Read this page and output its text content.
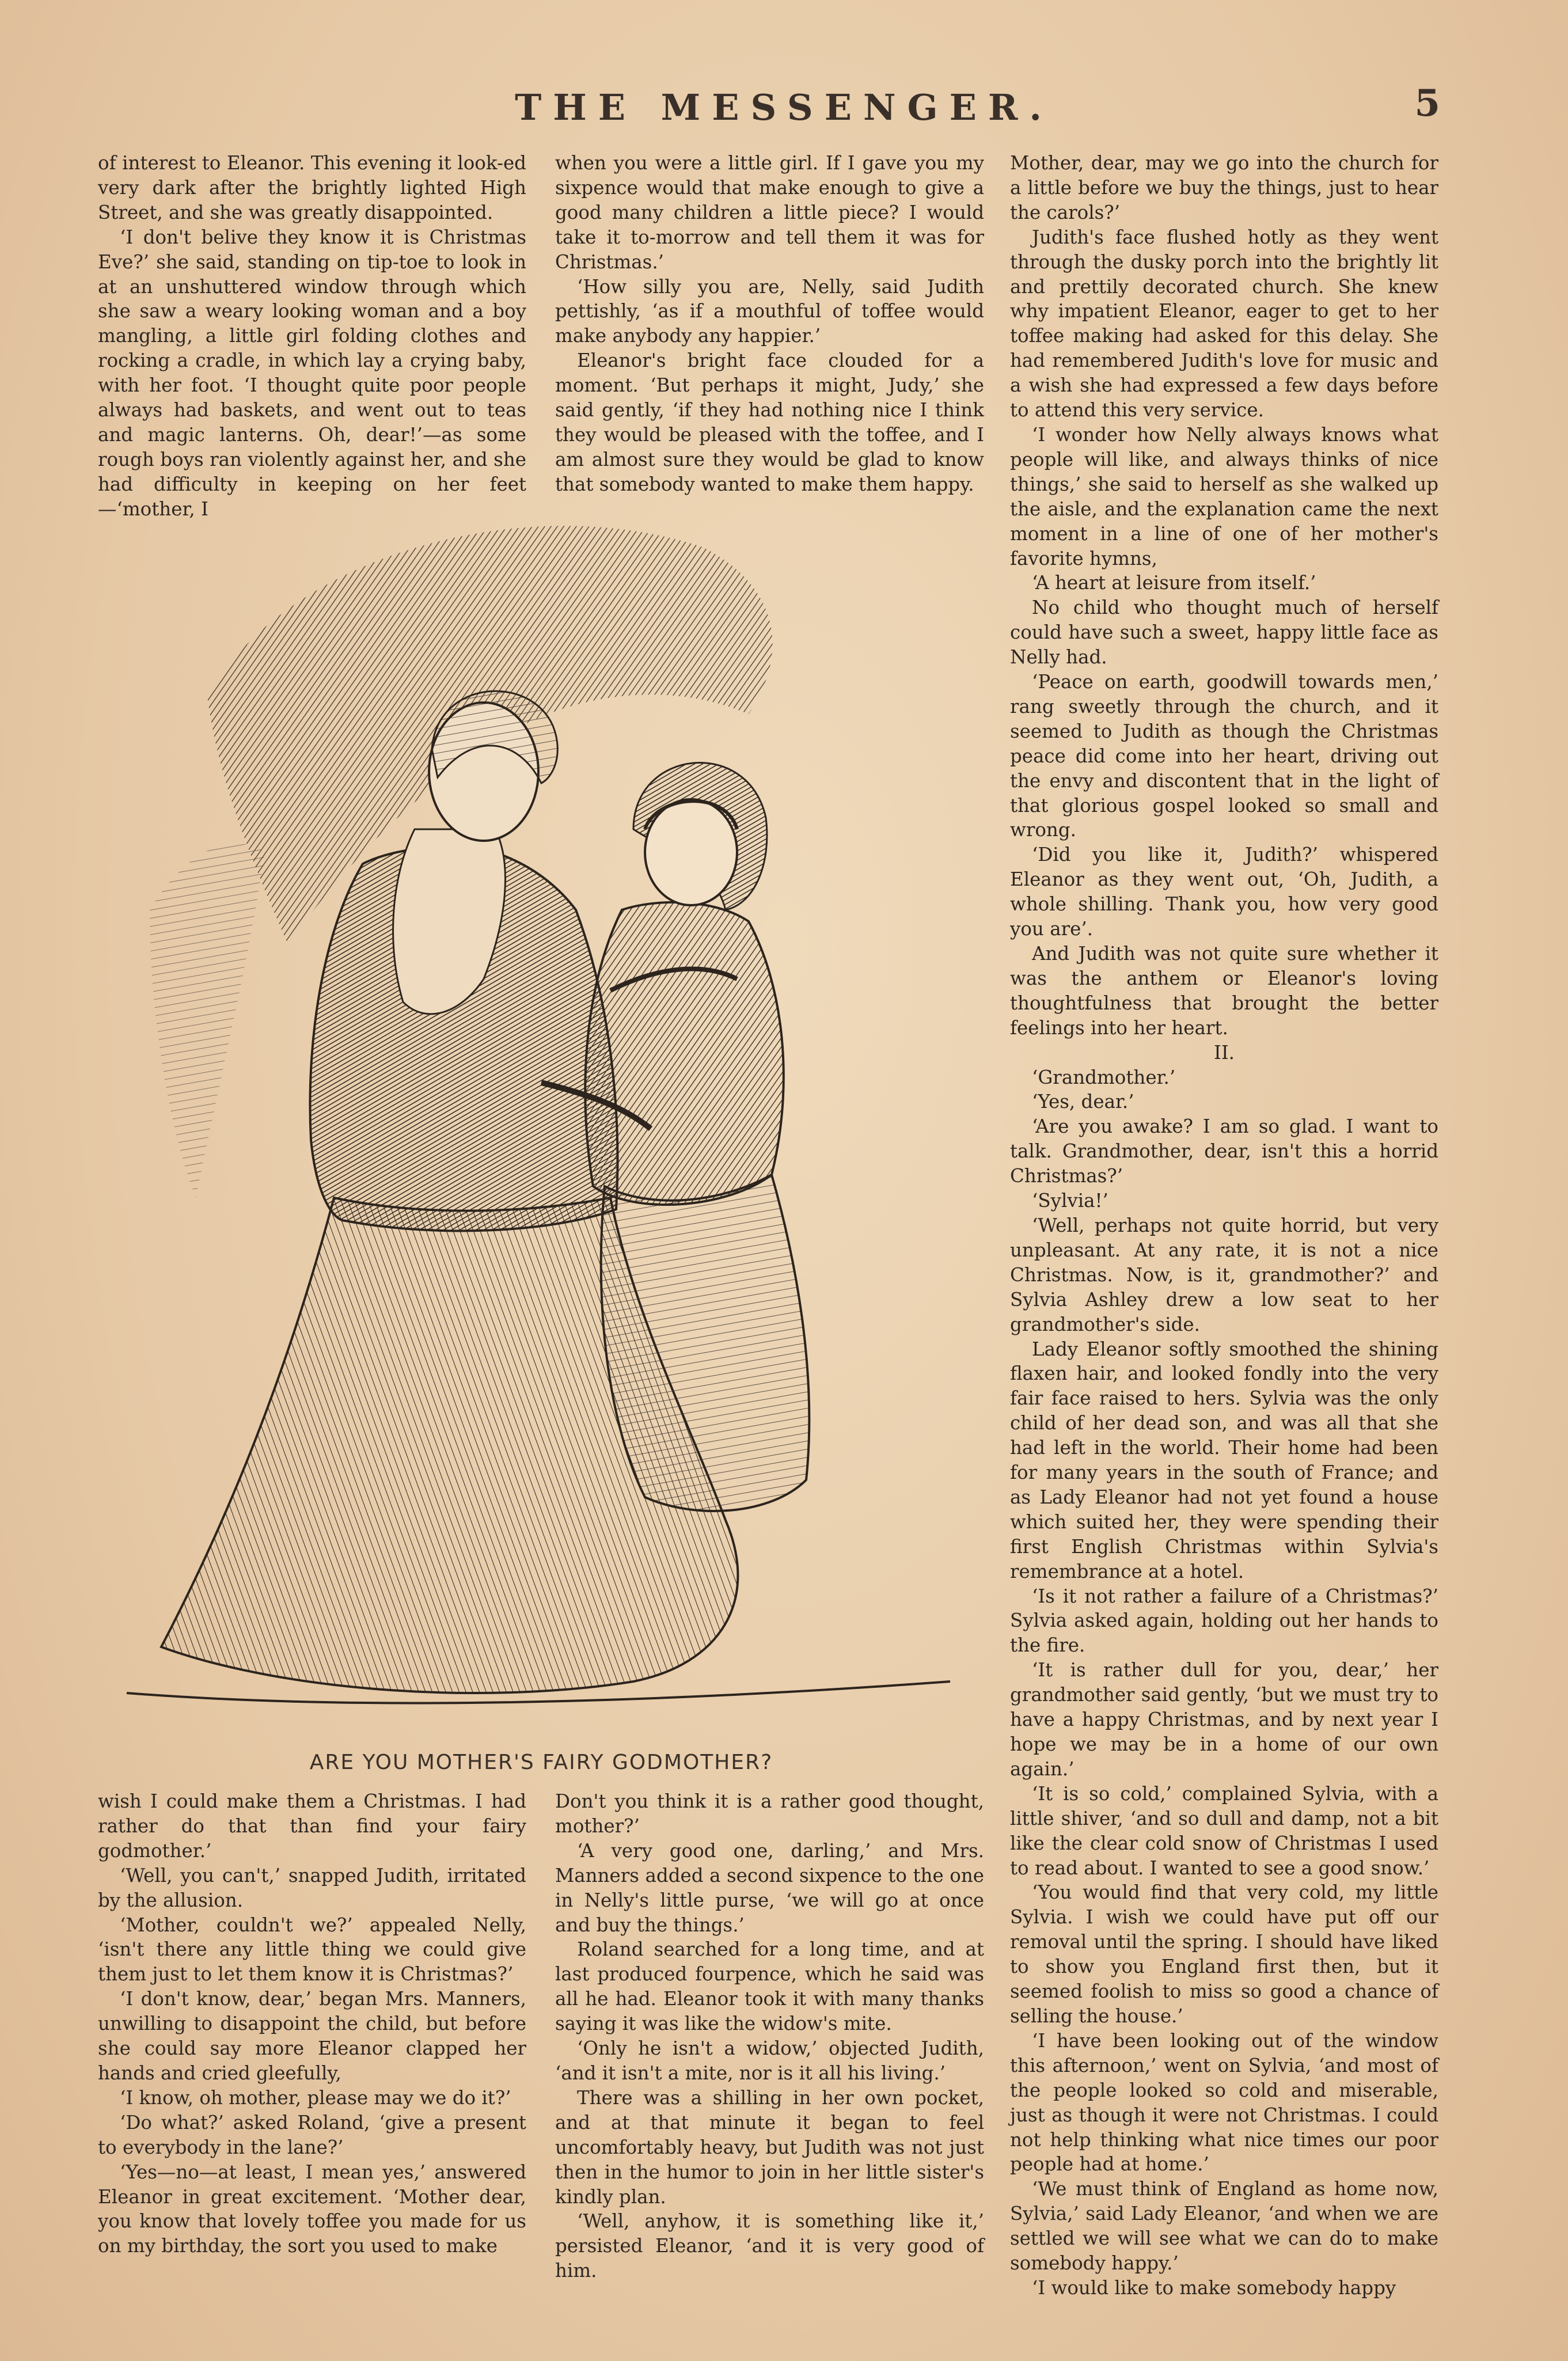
THE MESSENGER.	5

of interest to Eleanor. This evening it look-ed very dark after the brightly lighted High Street, and she was greatly disappointed.

‘I don't belive they know it is Christmas Eve?’ she said, standing on tip-toe to look in at an unshuttered window through which she saw a weary looking woman and a boy mangling, a little girl folding clothes and rocking a cradle, in which lay a crying baby, with her foot. ‘I thought quite poor people always had baskets, and went out to teas and magic lanterns. Oh, dear!’—as some rough boys ran violently against her, and she had difficulty in keeping on her feet—‘mother, I

when you were a little girl. If I gave you my sixpence would that make enough to give a good many children a little piece? I would take it to-morrow and tell them it was for Christmas.’

‘How silly you are, Nelly, said Judith pettishly, ‘as if a mouthful of toffee would make anybody any happier.’

Eleanor's bright face clouded for a moment. ‘But perhaps it might, Judy,’ she said gently, ‘if they had nothing nice I think they would be pleased with the toffee, and I am almost sure they would be glad to know that somebody wanted to make them happy.

Mother, dear, may we go into the church for a little before we buy the things, just to hear the carols?’

Judith's face flushed hotly as they went through the dusky porch into the brightly lit and prettily decorated church. She knew why impatient Eleanor, eager to get to her toffee making had asked for this delay. She had remembered Judith's love for music and a wish she had expressed a few days before to attend this very service.

‘I wonder how Nelly always knows what people will like, and always thinks of nice things,’ she said to herself as she walked up the aisle, and the explanation came the next moment in a line of one of her mother's favorite hymns,

‘A heart at leisure from itself.’

No child who thought much of herself could have such a sweet, happy little face as Nelly had.

‘Peace on earth, goodwill towards men,’ rang sweetly through the church, and it seemed to Judith as though the Christmas peace did come into her heart, driving out the envy and discontent that in the light of that glorious gospel looked so small and wrong.

‘Did you like it, Judith?’ whispered Eleanor as they went out, ‘Oh, Judith, a whole shilling. Thank you, how very good you are’.

And Judith was not quite sure whether it was the anthem or Eleanor's loving thoughtfulness that brought the better feelings into her heart.

II.

‘Grandmother.’

‘Yes, dear.’

‘Are you awake? I am so glad. I want to talk. Grandmother, dear, isn't this a horrid Christmas?’

‘Sylvia!’

‘Well, perhaps not quite horrid, but very unpleasant. At any rate, it is not a nice Christmas. Now, is it, grandmother?’ and Sylvia Ashley drew a low seat to her grandmother's side.

Lady Eleanor softly smoothed the shining flaxen hair, and looked fondly into the very fair face raised to hers. Sylvia was the only child of her dead son, and was all that she had left in the world. Their home had been for many years in the south of France; and as Lady Eleanor had not yet found a house which suited her, they were spending their first English Christmas within Sylvia's remembrance at a hotel.

‘Is it not rather a failure of a Christmas?’ Sylvia asked again, holding out her hands to the fire.

‘It is rather dull for you, dear,’ her grandmother said gently, ‘but we must try to have a happy Christmas, and by next year I hope we may be in a home of our own again.’

‘It is so cold,’ complained Sylvia, with a little shiver, ‘and so dull and damp, not a bit like the clear cold snow of Christmas I used to read about. I wanted to see a good snow.’

‘You would find that very cold, my little Sylvia. I wish we could have put off our removal until the spring. I should have liked to show you England first then, but it seemed foolish to miss so good a chance of selling the house.’

‘I have been looking out of the window this afternoon,’ went on Sylvia, ‘and most of the people looked so cold and miserable, just as though it were not Christmas. I could not help thinking what nice times our poor people had at home.’

‘We must think of England as home now, Sylvia,’ said Lady Eleanor, ‘and when we are settled we will see what we can do to make somebody happy.’

‘I would like to make somebody happy

ARE YOU MOTHER'S FAIRY GODMOTHER?

wish I could make them a Christmas. I had rather do that than find your fairy godmother.’

‘Well, you can't,’ snapped Judith, irritated by the allusion.

‘Mother, couldn't we?’ appealed Nelly, ‘isn't there any little thing we could give them just to let them know it is Christmas?’

‘I don't know, dear,’ began Mrs. Manners, unwilling to disappoint the child, but before she could say more Eleanor clapped her hands and cried gleefully,

‘I know, oh mother, please may we do it?’

‘Do what?’ asked Roland, ‘give a present to everybody in the lane?’

‘Yes—no—at least, I mean yes,’ answered Eleanor in great excitement. ‘Mother dear, you know that lovely toffee you made for us on my birthday, the sort you used to make

Don't you think it is a rather good thought, mother?’

‘A very good one, darling,’ and Mrs. Manners added a second sixpence to the one in Nelly's little purse, ‘we will go at once and buy the things.’

Roland searched for a long time, and at last produced fourpence, which he said was all he had. Eleanor took it with many thanks saying it was like the widow's mite.

‘Only he isn't a widow,’ objected Judith, ‘and it isn't a mite, nor is it all his living.’

There was a shilling in her own pocket, and at that minute it began to feel uncomfortably heavy, but Judith was not just then in the humor to join in her little sister's kindly plan.

‘Well, anyhow, it is something like it,’ persisted Eleanor, ‘and it is very good of him.
